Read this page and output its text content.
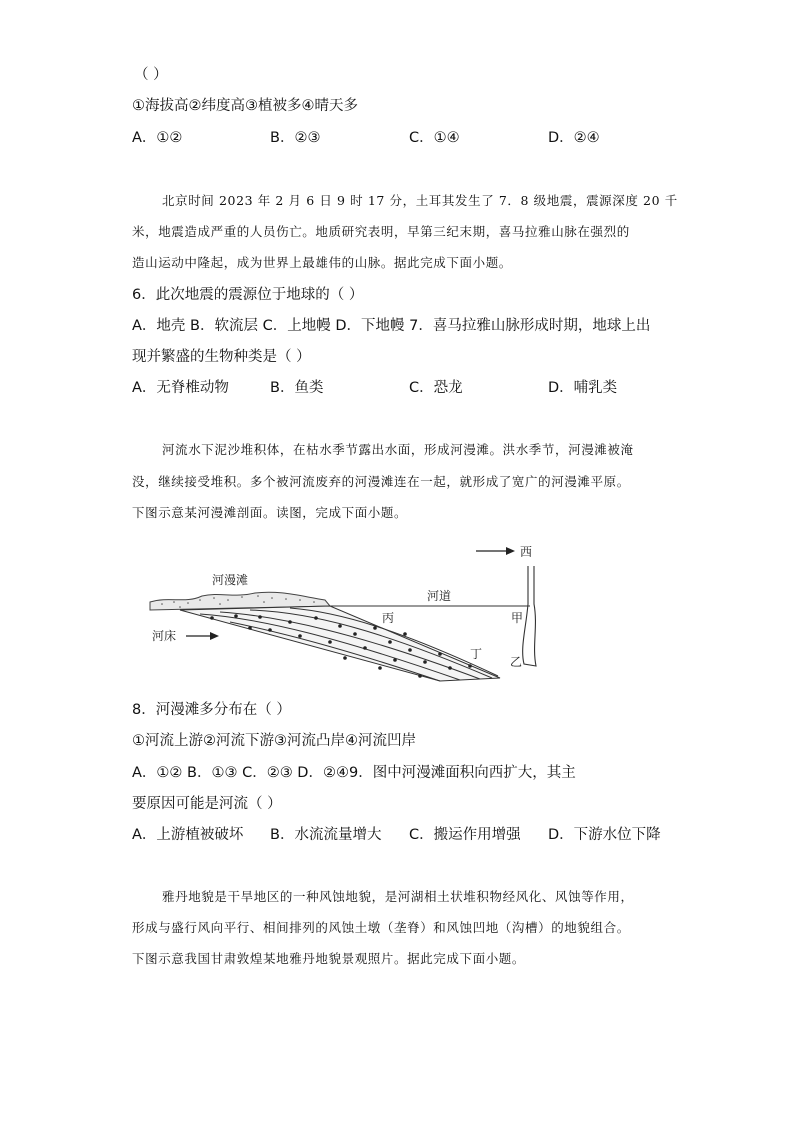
（ ）
①海拔高②纬度高③植被多④晴天多
A．①②	B．②③	C．①④	D．②④
北京时间 2023 年 2 月 6 日 9 时 17 分，土耳其发生了 7．8 级地震，震源深度 20 千
米，地震造成严重的人员伤亡。地质研究表明，早第三纪末期，喜马拉雅山脉在强烈的
造山运动中隆起，成为世界上最雄伟的山脉。据此完成下面小题。
6．此次地震的震源位于地球的（ ）
A．地壳 B．软流层 C．上地幔 D．下地幔 7．喜马拉雅山脉形成时期，地球上出
现并繁盛的生物种类是（ ）
A．无脊椎动物	B．鱼类	C．恐龙	D．哺乳类
河流水下泥沙堆积体，在枯水季节露出水面，形成河漫滩。洪水季节，河漫滩被淹
没，继续接受堆积。多个被河流废弃的河漫滩连在一起，就形成了宽广的河漫滩平原。
下图示意某河漫滩剖面。读图，完成下面小题。
西
河漫滩
河道
河床
丙	甲
丁
乙
8．河漫滩多分布在（ ）
①河流上游②河流下游③河流凸岸④河流凹岸
A．①② B．①③ C．②③ D．②④9．图中河漫滩面积向西扩大，其主
要原因可能是河流（ ）
A．上游植被破坏 B．水流流量增大 C．搬运作用增强 D．下游水位下降
雅丹地貌是干旱地区的一种风蚀地貌，是河湖相土状堆积物经风化、风蚀等作用，
形成与盛行风向平行、相间排列的风蚀土墩（垄脊）和风蚀凹地（沟槽）的地貌组合。
下图示意我国甘肃敦煌某地雅丹地貌景观照片。据此完成下面小题。
